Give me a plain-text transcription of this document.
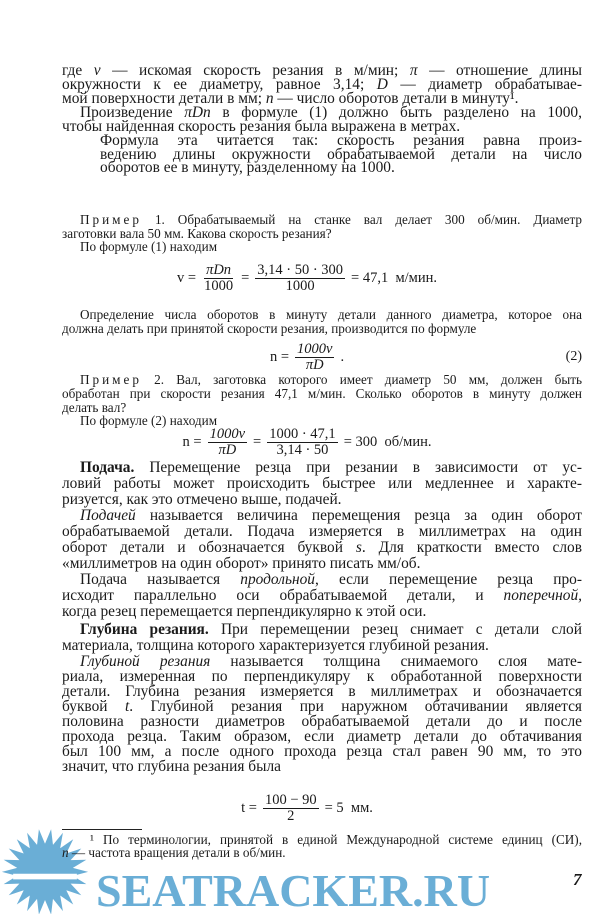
SEATRACKER.RU
где v — искомая скорость резания в м/мин; π — отношение длины
окружности к ее диаметру, равное 3,14; D — диаметр обрабатывае-
мой поверхности детали в мм; n — число оборотов детали в минуту¹.
Произведение πDn в формуле (1) должно быть разделено на 1000,
чтобы найденная скорость резания была выражена в метрах.
Формула эта читается так: скорость резания равна произ-
ведению длины окружности обрабатываемой детали на число
оборотов ее в минуту, разделенному на 1000.
Пример 1. Обрабатываемый на станке вал делает 300 об/мин. Диаметр
заготовки вала 50 мм. Какова скорость резания?
По формуле (1) находим
Определение числа оборотов в минуту детали данного диаметра, которое она
должна делать при принятой скорости резания, производится по формуле
Пример 2. Вал, заготовка которого имеет диаметр 50 мм, должен быть
обработан при скорости резания 47,1 м/мин. Сколько оборотов в минуту должен
делать вал?
По формуле (2) находим
Подача. Перемещение резца при резании в зависимости от ус-
ловий работы может происходить быстрее или медленнее и характе-
ризуется, как это отмечено выше, подачей.
Подачей называется величина перемещения резца за один оборот
обрабатываемой детали. Подача измеряется в миллиметрах на один
оборот детали и обозначается буквой s. Для краткости вместо слов
«миллиметров на один оборот» принято писать мм/об.
Подача называется продольной, если перемещение резца про-
исходит параллельно оси обрабатываемой детали, и поперечной,
когда резец перемещается перпендикулярно к этой оси.
Глубина резания. При перемещении резец снимает с детали слой
материала, толщина которого характеризуется глубиной резания.
Глубиной резания называется толщина снимаемого слоя мате-
риала, измеренная по перпендикуляру к обработанной поверхности
детали. Глубина резания измеряется в миллиметрах и обозначается
буквой t. Глубиной резания при наружном обтачивании является
половина разности диаметров обрабатываемой детали до и после
прохода резца. Таким образом, если диаметр детали до обтачивания
был 100 мм, а после одного прохода резца стал равен 90 мм, то это
значит, что глубина резания была
¹ По терминологии, принятой в единой Международной системе единиц (СИ),
n — частота вращения детали в об/мин.
$v = \frac{\text{πDn}}{1000} = \frac{3,14 \cdot 50 \cdot 300}{1000} = 47,1$  м/мин.
$n = \frac{1000v}{\pi D}$ .	(2)
$n = \frac{1000v}{\pi D} = \frac{1000 \cdot 47,1}{3,14 \cdot 50} = 300$  об/мин.
$t = \frac{100 - 90}{2} = 5$  мм.
7
